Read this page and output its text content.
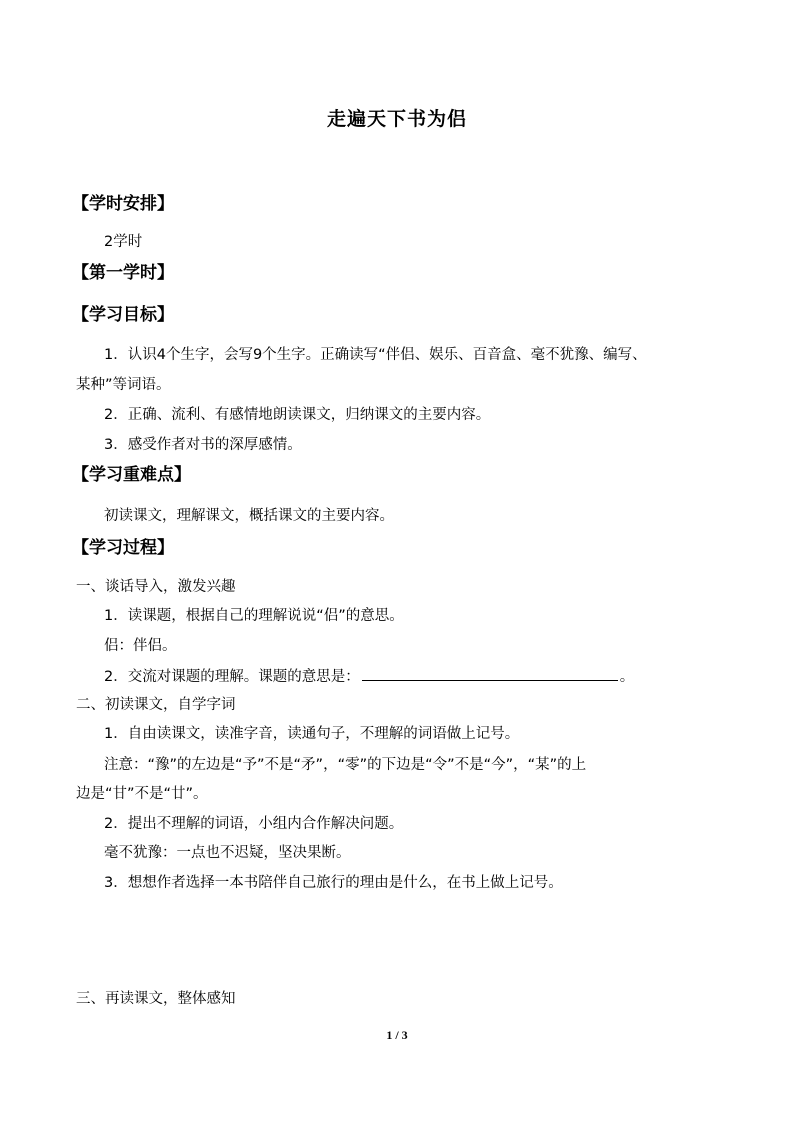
走遍天下书为侣
【学时安排】
2学时
【第一学时】
【学习目标】
1．认识4个生字，会写9个生字。正确读写“伴侣、娱乐、百音盒、毫不犹豫、编写、
某种”等词语。
2．正确、流利、有感情地朗读课文，归纳课文的主要内容。
3．感受作者对书的深厚感情。
【学习重难点】
初读课文，理解课文，概括课文的主要内容。
【学习过程】
一、谈话导入，激发兴趣
1．读课题，根据自己的理解说说“侣”的意思。
侣：伴侣。
2．交流对课题的理解。课题的意思是：	。
二、初读课文，自学字词
1．自由读课文，读准字音，读通句子，不理解的词语做上记号。
注意：“豫”的左边是“予”不是“矛”，“零”的下边是“令”不是“今”，“某”的上
边是“甘”不是“廿”。
2．提出不理解的词语，小组内合作解决问题。
毫不犹豫：一点也不迟疑，坚决果断。
3．想想作者选择一本书陪伴自己旅行的理由是什么，在书上做上记号。
三、再读课文，整体感知
1 / 3
